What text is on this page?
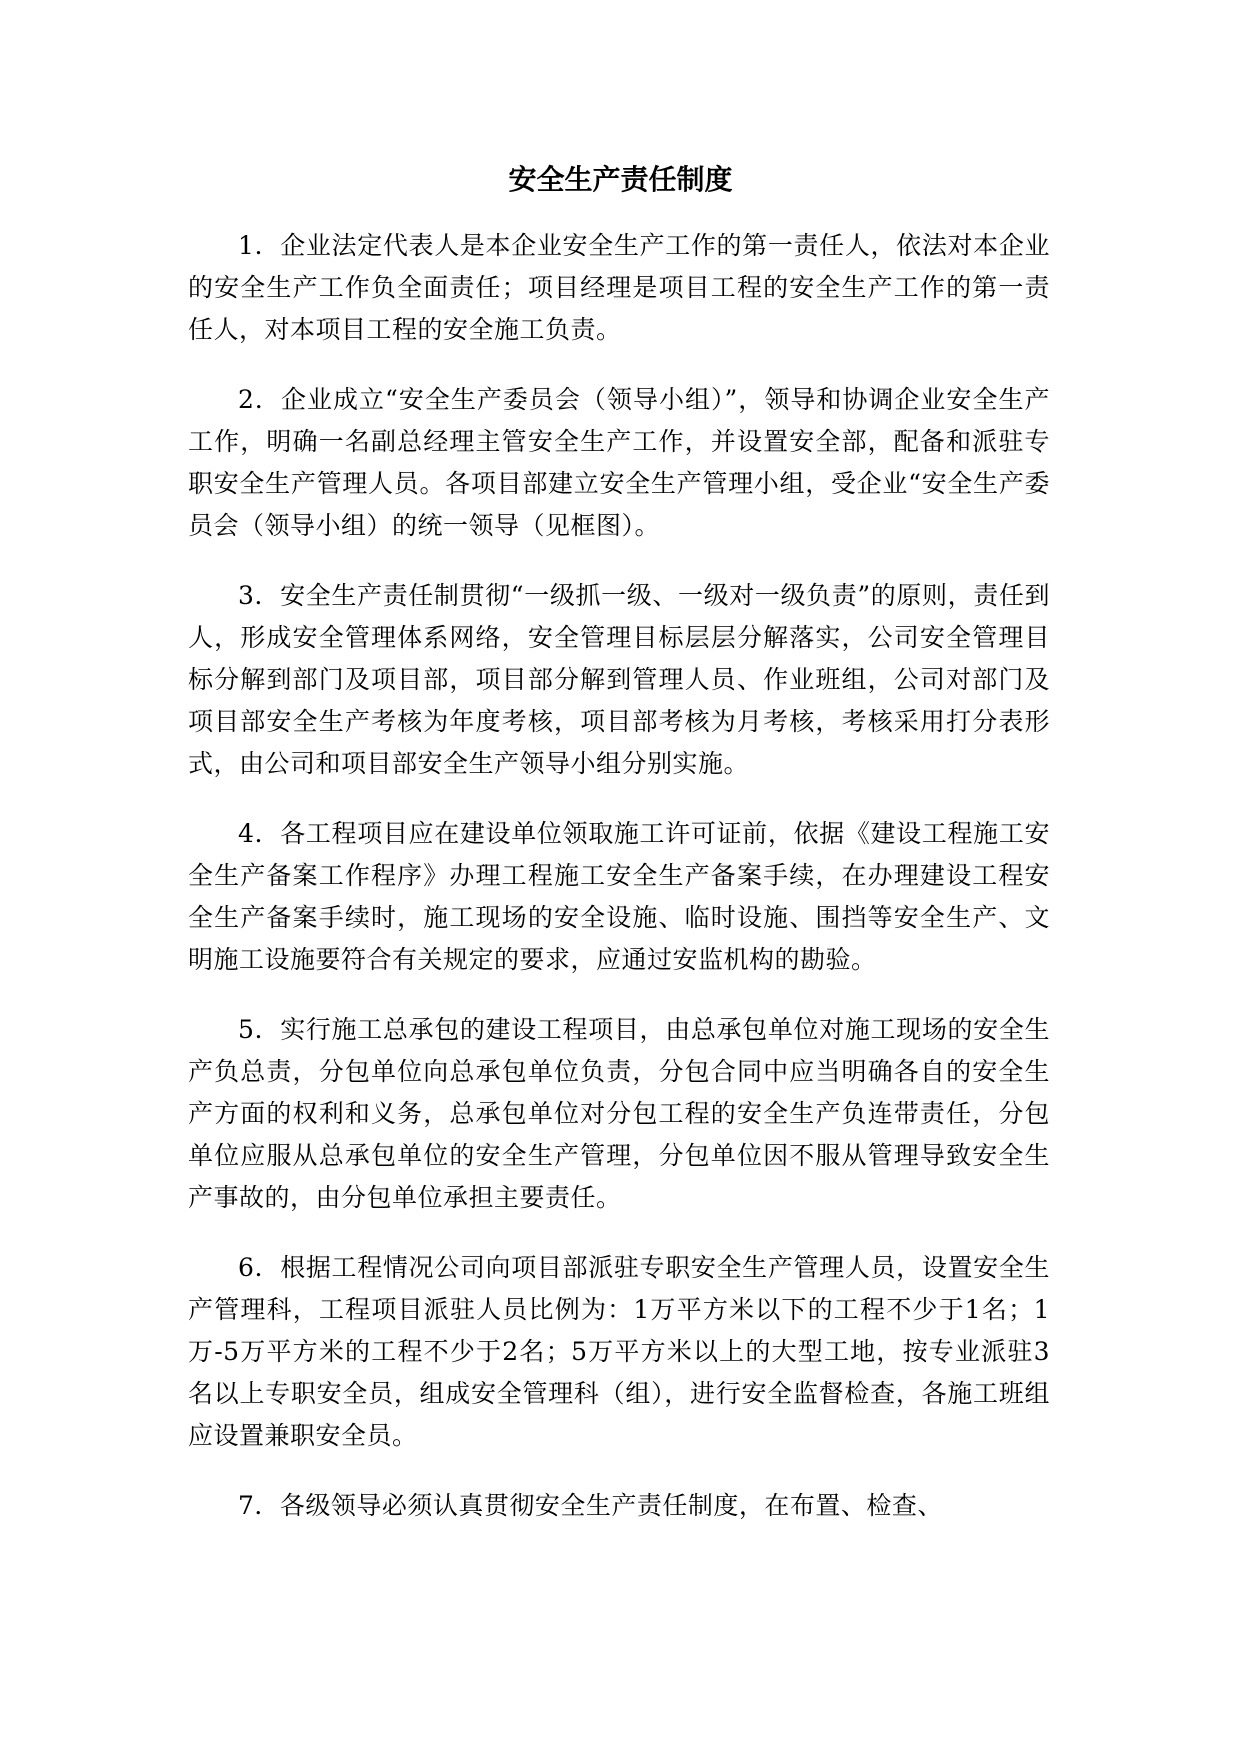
安全生产责任制度

1．企业法定代表人是本企业安全生产工作的第一责任人，依法对本企业的安全生产工作负全面责任；项目经理是项目工程的安全生产工作的第一责任人，对本项目工程的安全施工负责。

2．企业成立“安全生产委员会（领导小组）”，领导和协调企业安全生产工作，明确一名副总经理主管安全生产工作，并设置安全部，配备和派驻专职安全生产管理人员。各项目部建立安全生产管理小组，受企业“安全生产委员会（领导小组）的统一领导（见框图）。

3．安全生产责任制贯彻“一级抓一级、一级对一级负责”的原则，责任到人，形成安全管理体系网络，安全管理目标层层分解落实，公司安全管理目标分解到部门及项目部，项目部分解到管理人员、作业班组，公司对部门及项目部安全生产考核为年度考核，项目部考核为月考核，考核采用打分表形式，由公司和项目部安全生产领导小组分别实施。

4．各工程项目应在建设单位领取施工许可证前，依据《建设工程施工安全生产备案工作程序》办理工程施工安全生产备案手续，在办理建设工程安全生产备案手续时，施工现场的安全设施、临时设施、围挡等安全生产、文明施工设施要符合有关规定的要求，应通过安监机构的勘验。

5．实行施工总承包的建设工程项目，由总承包单位对施工现场的安全生产负总责，分包单位向总承包单位负责，分包合同中应当明确各自的安全生产方面的权利和义务，总承包单位对分包工程的安全生产负连带责任，分包单位应服从总承包单位的安全生产管理，分包单位因不服从管理导致安全生产事故的，由分包单位承担主要责任。

6．根据工程情况公司向项目部派驻专职安全生产管理人员，设置安全生产管理科，工程项目派驻人员比例为：1万平方米以下的工程不少于1名；1万-5万平方米的工程不少于2名；5万平方米以上的大型工地，按专业派驻3名以上专职安全员，组成安全管理科（组），进行安全监督检查，各施工班组应设置兼职安全员。

7．各级领导必须认真贯彻安全生产责任制度，在布置、检查、
